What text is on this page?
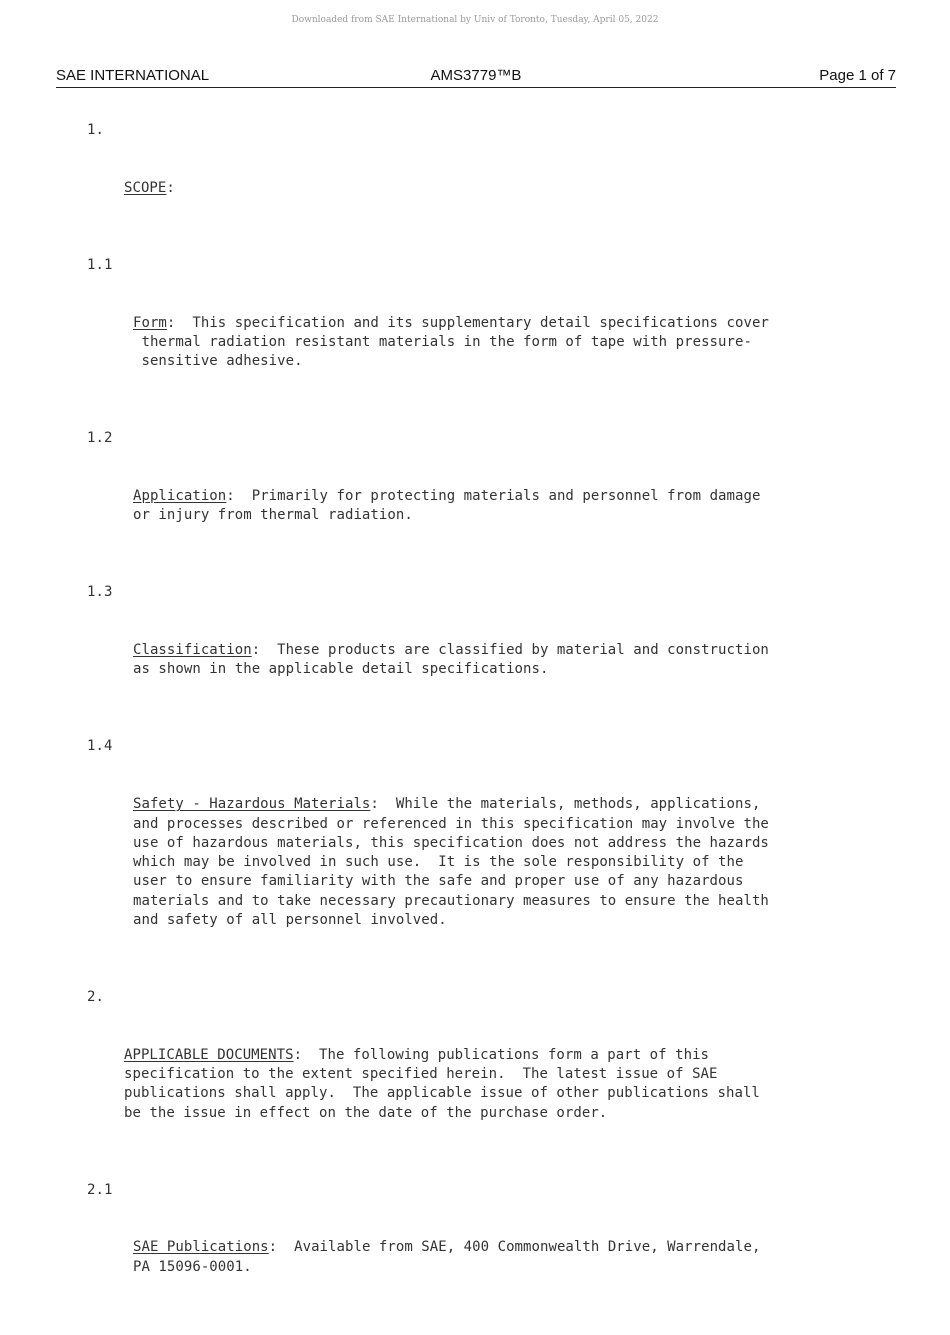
Downloaded from SAE International by Univ of Toronto, Tuesday, April 05, 2022
SAE INTERNATIONAL	AMS3779™B	Page 1 of 7

1.

SCOPE:

1.1

Form:  This specification and its supplementary detail specifications cover
thermal radiation resistant materials in the form of tape with pressure-
sensitive adhesive.

1.2

Application:  Primarily for protecting materials and personnel from damage
or injury from thermal radiation.

1.3

Classification:  These products are classified by material and construction
as shown in the applicable detail specifications.

1.4

Safety - Hazardous Materials:  While the materials, methods, applications,
and processes described or referenced in this specification may involve the
use of hazardous materials, this specification does not address the hazards
which may be involved in such use.  It is the sole responsibility of the
user to ensure familiarity with the safe and proper use of any hazardous
materials and to take necessary precautionary measures to ensure the health
and safety of all personnel involved.

2.

APPLICABLE DOCUMENTS:  The following publications form a part of this
specification to the extent specified herein.  The latest issue of SAE
publications shall apply.  The applicable issue of other publications shall
be the issue in effect on the date of the purchase order.

2.1

SAE Publications:  Available from SAE, 400 Commonwealth Drive, Warrendale,
PA 15096-0001.
